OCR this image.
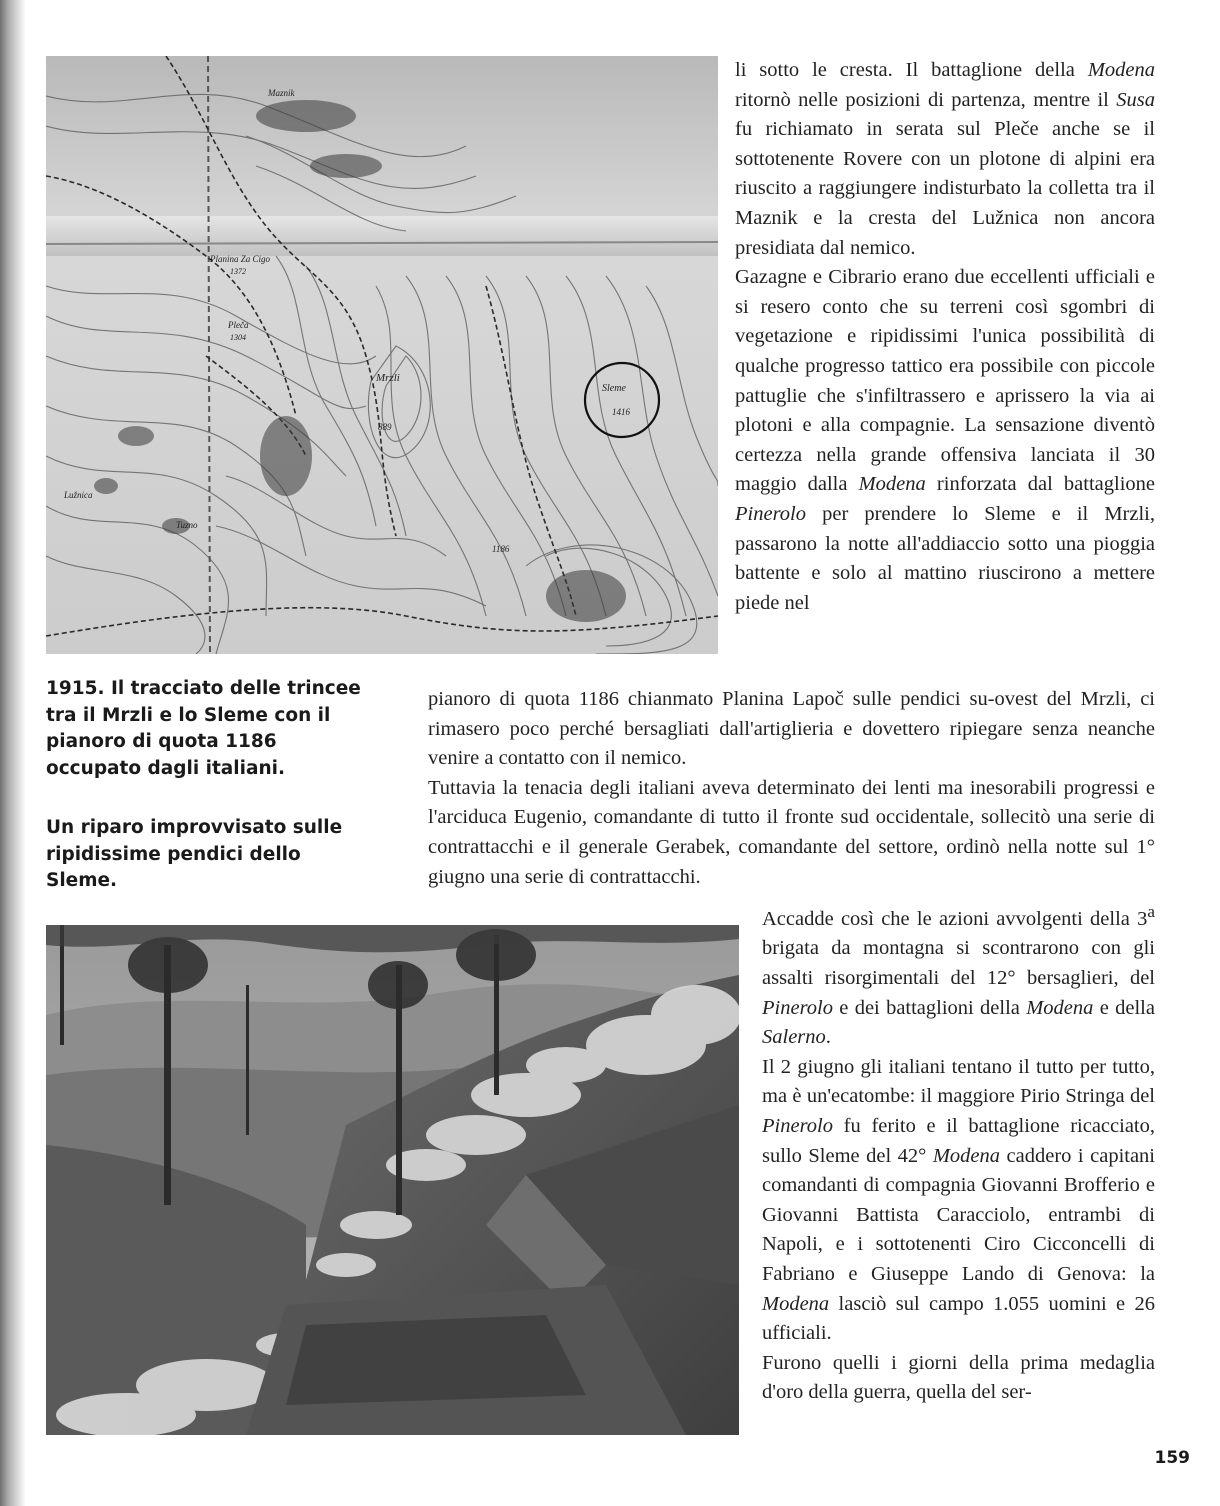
Sleme
1416
Mrzli
889
1186
Planina Za Cigo
1372
Pleča
1304
Maznik
Lužnica
Tuzno

li sotto le cresta. Il battaglione della Modena ritornò nelle posizioni di partenza, mentre il Susa fu richiamato in serata sul Pleče anche se il sottotenente Rovere con un plotone di alpini era riuscito a raggiungere indisturbato la colletta tra il Maznik e la cresta del Lužnica non ancora presidiata dal nemico.

Gazagne e Cibrario erano due eccellenti ufficiali e si resero conto che su terreni così sgombri di vegetazione e ripidissimi l'unica possibilità di qualche progresso tattico era possibile con piccole pattuglie che s'infiltrassero e aprissero la via ai plotoni e alla compagnie. La sensazione diventò certezza nella grande offensiva lanciata il 30 maggio dalla Modena rinforzata dal battaglione Pinerolo per prendere lo Sleme e il Mrzli, passarono la notte all'addiaccio sotto una pioggia battente e solo al mattino riuscirono a mettere piede nel

pianoro di quota 1186 chianmato Planina Lapoč sulle pendici su-ovest del Mrzli, ci rimasero poco perché bersagliati dall'artiglieria e dovettero ripiegare senza neanche venire a contatto con il nemico.

Tuttavia la tenacia degli italiani aveva determinato dei lenti ma inesorabili progressi e l'arciduca Eugenio, comandante di tutto il fronte sud occidentale, sollecitò una serie di contrattacchi e il generale Gerabek, comandante del settore, ordinò nella notte sul 1° giugno una serie di contrattacchi.

Accadde così che le azioni avvolgenti della 3$^a$ brigata da montagna si scontrarono con gli assalti risorgimentali del 12° bersaglieri, del Pinerolo e dei battaglioni della Modena e della Salerno.

Il 2 giugno gli italiani tentano il tutto per tutto, ma è un'ecatombe: il maggiore Pirio Stringa del Pinerolo fu ferito e il battaglione ricacciato, sullo Sleme del 42° Modena caddero i capitani comandanti di compagnia Giovanni Brofferio e Giovanni Battista Caracciolo, entrambi di Napoli, e i sottotenenti Ciro Cicconcelli di Fabriano e Giuseppe Lando di Genova: la Modena lasciò sul campo 1.055 uomini e 26 ufficiali.

Furono quelli i giorni della prima medaglia d'oro della guerra, quella del ser-

1915. Il tracciato delle trincee tra il Mrzli e lo Sleme con il pianoro di quota 1186 occupato dagli italiani.
Un riparo improvvisato sulle ripidissime pendici dello Sleme.
159
